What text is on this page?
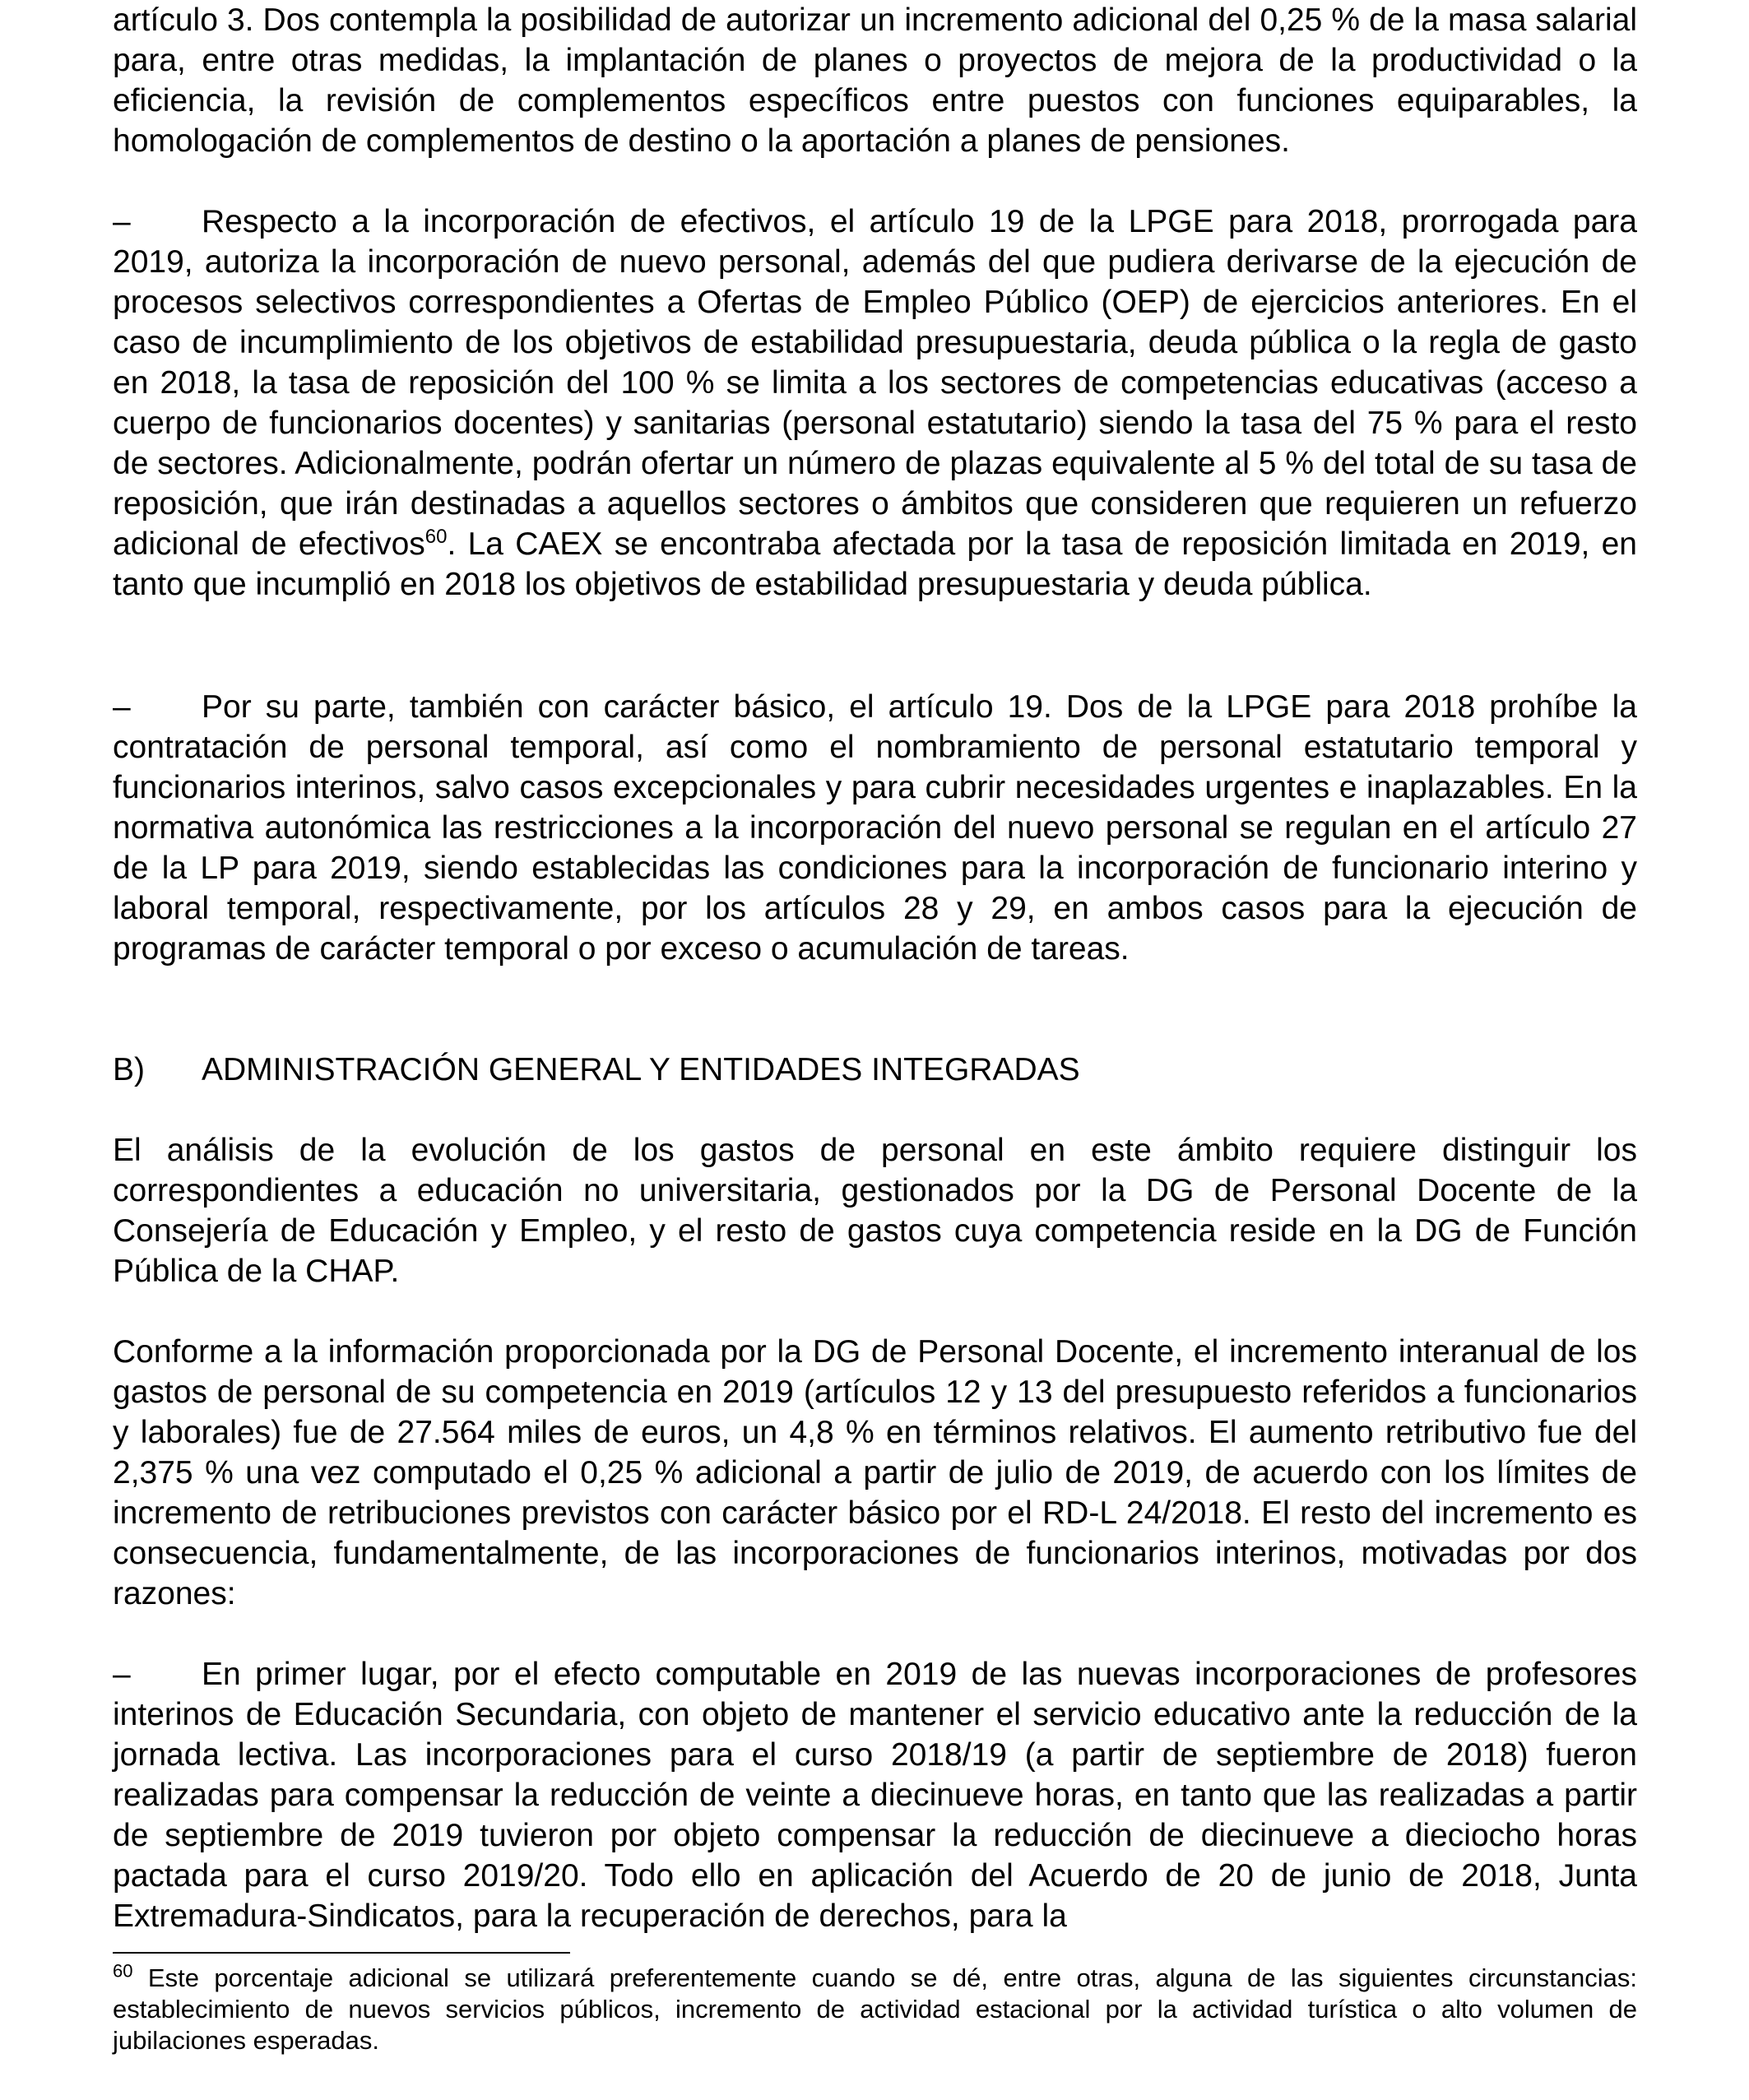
artículo 3. Dos contempla la posibilidad de autorizar un incremento adicional del 0,25 % de la masa salarial para, entre otras medidas, la implantación de planes o proyectos de mejora de la productividad o la eficiencia, la revisión de complementos específicos entre puestos con funciones equiparables, la homologación de complementos de destino o la aportación a planes de pensiones.

– Respecto a la incorporación de efectivos, el artículo 19 de la LPGE para 2018, prorrogada para 2019, autoriza la incorporación de nuevo personal, además del que pudiera derivarse de la ejecución de procesos selectivos correspondientes a Ofertas de Empleo Público (OEP) de ejercicios anteriores. En el caso de incumplimiento de los objetivos de estabilidad presupuestaria, deuda pública o la regla de gasto en 2018, la tasa de reposición del 100 % se limita a los sectores de competencias educativas (acceso a cuerpo de funcionarios docentes) y sanitarias (personal estatutario) siendo la tasa del 75 % para el resto de sectores. Adicionalmente, podrán ofertar un número de plazas equivalente al 5 % del total de su tasa de reposición, que irán destinadas a aquellos sectores o ámbitos que consideren que requieren un refuerzo adicional de efectivos$^{60}$. La CAEX se encontraba afectada por la tasa de reposición limitada en 2019, en tanto que incumplió en 2018 los objetivos de estabilidad presupuestaria y deuda pública.

– Por su parte, también con carácter básico, el artículo 19. Dos de la LPGE para 2018 prohíbe la contratación de personal temporal, así como el nombramiento de personal estatutario temporal y funcionarios interinos, salvo casos excepcionales y para cubrir necesidades urgentes e inaplazables. En la normativa autonómica las restricciones a la incorporación del nuevo personal se regulan en el artículo 27 de la LP para 2019, siendo establecidas las condiciones para la incorporación de funcionario interino y laboral temporal, respectivamente, por los artículos 28 y 29, en ambos casos para la ejecución de programas de carácter temporal o por exceso o acumulación de tareas.

B) ADMINISTRACIÓN GENERAL Y ENTIDADES INTEGRADAS

El análisis de la evolución de los gastos de personal en este ámbito requiere distinguir los correspondientes a educación no universitaria, gestionados por la DG de Personal Docente de la Consejería de Educación y Empleo, y el resto de gastos cuya competencia reside en la DG de Función Pública de la CHAP.

Conforme a la información proporcionada por la DG de Personal Docente, el incremento interanual de los gastos de personal de su competencia en 2019 (artículos 12 y 13 del presupuesto referidos a funcionarios y laborales) fue de 27.564 miles de euros, un 4,8 % en términos relativos. El aumento retributivo fue del 2,375 % una vez computado el 0,25 % adicional a partir de julio de 2019, de acuerdo con los límites de incremento de retribuciones previstos con carácter básico por el RD-L 24/2018. El resto del incremento es consecuencia, fundamentalmente, de las incorporaciones de funcionarios interinos, motivadas por dos razones:

– En primer lugar, por el efecto computable en 2019 de las nuevas incorporaciones de profesores interinos de Educación Secundaria, con objeto de mantener el servicio educativo ante la reducción de la jornada lectiva. Las incorporaciones para el curso 2018/19 (a partir de septiembre de 2018) fueron realizadas para compensar la reducción de veinte a diecinueve horas, en tanto que las realizadas a partir de septiembre de 2019 tuvieron por objeto compensar la reducción de diecinueve a dieciocho horas pactada para el curso 2019/20. Todo ello en aplicación del Acuerdo de 20 de junio de 2018, Junta Extremadura-Sindicatos, para la recuperación de derechos, para la

$^{60}$ Este porcentaje adicional se utilizará preferentemente cuando se dé, entre otras, alguna de las siguientes circunstancias: establecimiento de nuevos servicios públicos, incremento de actividad estacional por la actividad turística o alto volumen de jubilaciones esperadas.
